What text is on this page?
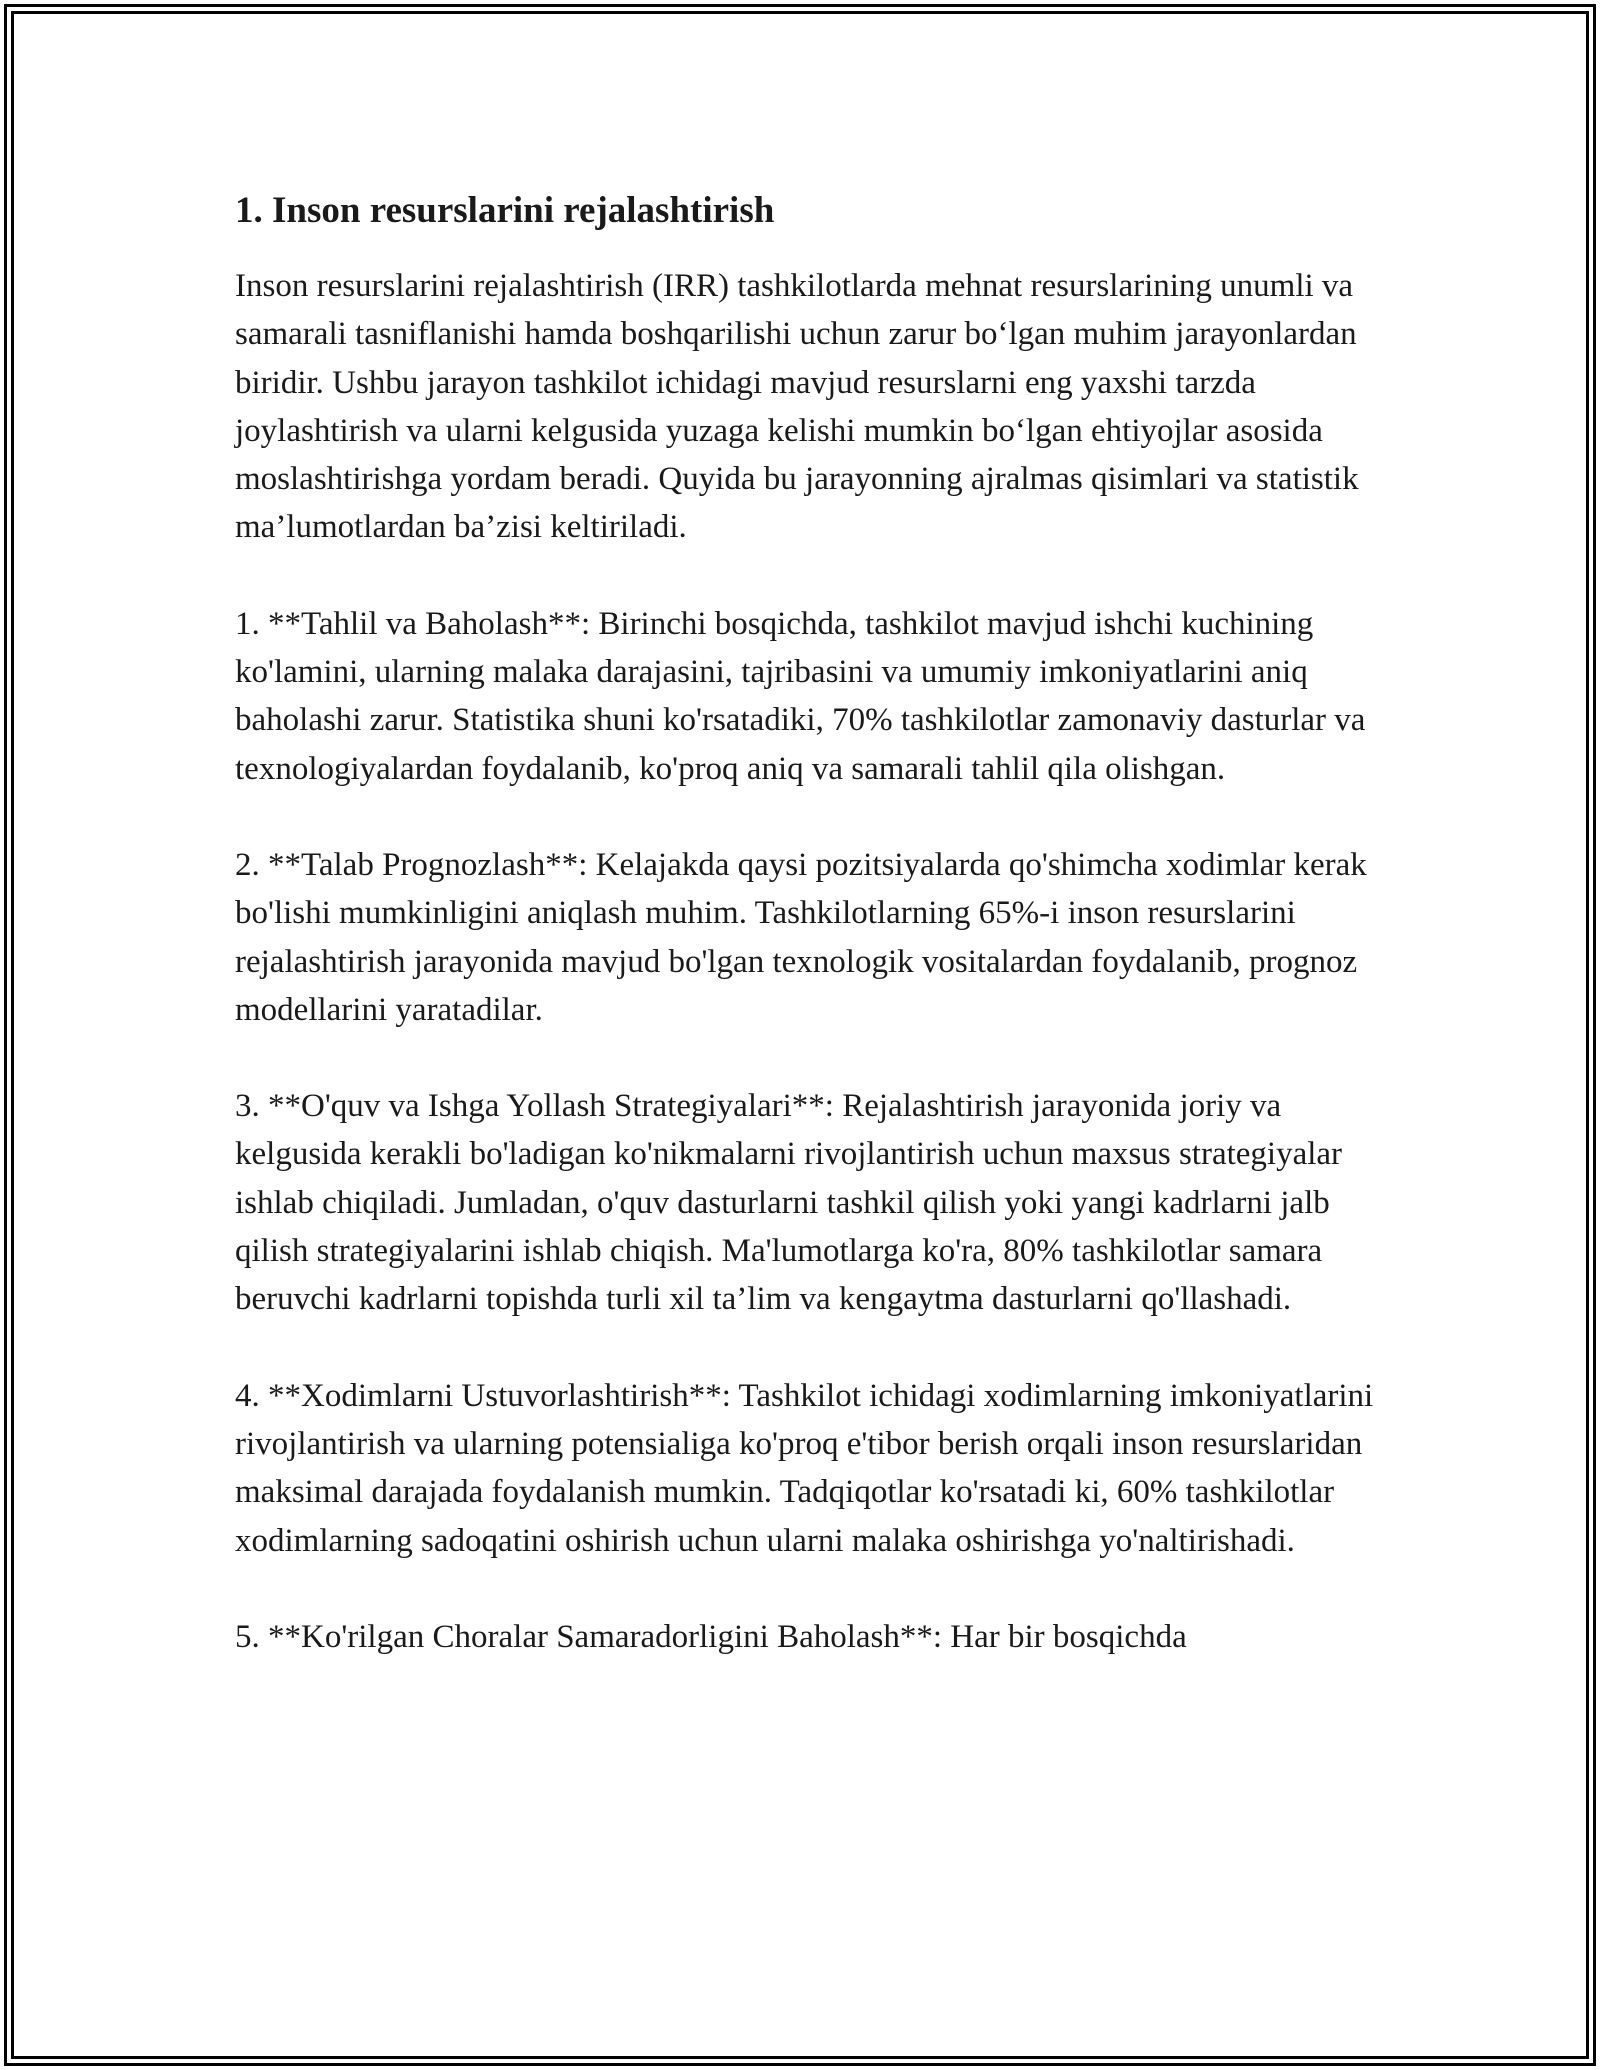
1. Inson resurslarini rejalashtirish

Inson resurslarini rejalashtirish (IRR) tashkilotlarda mehnat resurslarining unumli va samarali tasniflanishi hamda boshqarilishi uchun zarur bo‘lgan muhim jarayonlardan biridir. Ushbu jarayon tashkilot ichidagi mavjud resurslarni eng yaxshi tarzda joylashtirish va ularni kelgusida yuzaga kelishi mumkin bo‘lgan ehtiyojlar asosida moslashtirishga yordam beradi. Quyida bu jarayonning ajralmas qisimlari va statistik ma’lumotlardan ba’zisi keltiriladi.

1. **Tahlil va Baholash**: Birinchi bosqichda, tashkilot mavjud ishchi kuchining ko'lamini, ularning malaka darajasini, tajribasini va umumiy imkoniyatlarini aniq baholashi zarur. Statistika shuni ko'rsatadiki, 70% tashkilotlar zamonaviy dasturlar va texnologiyalardan foydalanib, ko'proq aniq va samarali tahlil qila olishgan.

2. **Talab Prognozlash**: Kelajakda qaysi pozitsiyalarda qo'shimcha xodimlar kerak bo'lishi mumkinligini aniqlash muhim. Tashkilotlarning 65%-i inson resurslarini rejalashtirish jarayonida mavjud bo'lgan texnologik vositalardan foydalanib, prognoz modellarini yaratadilar.

3. **O'quv va Ishga Yollash Strategiyalari**: Rejalashtirish jarayonida joriy va kelgusida kerakli bo'ladigan ko'nikmalarni rivojlantirish uchun maxsus strategiyalar ishlab chiqiladi. Jumladan, o'quv dasturlarni tashkil qilish yoki yangi kadrlarni jalb qilish strategiyalarini ishlab chiqish. Ma'lumotlarga ko'ra, 80% tashkilotlar samara beruvchi kadrlarni topishda turli xil ta’lim va kengaytma dasturlarni qo'llashadi.

4. **Xodimlarni Ustuvorlashtirish**: Tashkilot ichidagi xodimlarning imkoniyatlarini rivojlantirish va ularning potensialiga ko'proq e'tibor berish orqali inson resurslaridan maksimal darajada foydalanish mumkin. Tadqiqotlar ko'rsatadi ki, 60% tashkilotlar xodimlarning sadoqatini oshirish uchun ularni malaka oshirishga yo'naltirishadi.

5. **Ko'rilgan Choralar Samaradorligini Baholash**: Har bir bosqichda
